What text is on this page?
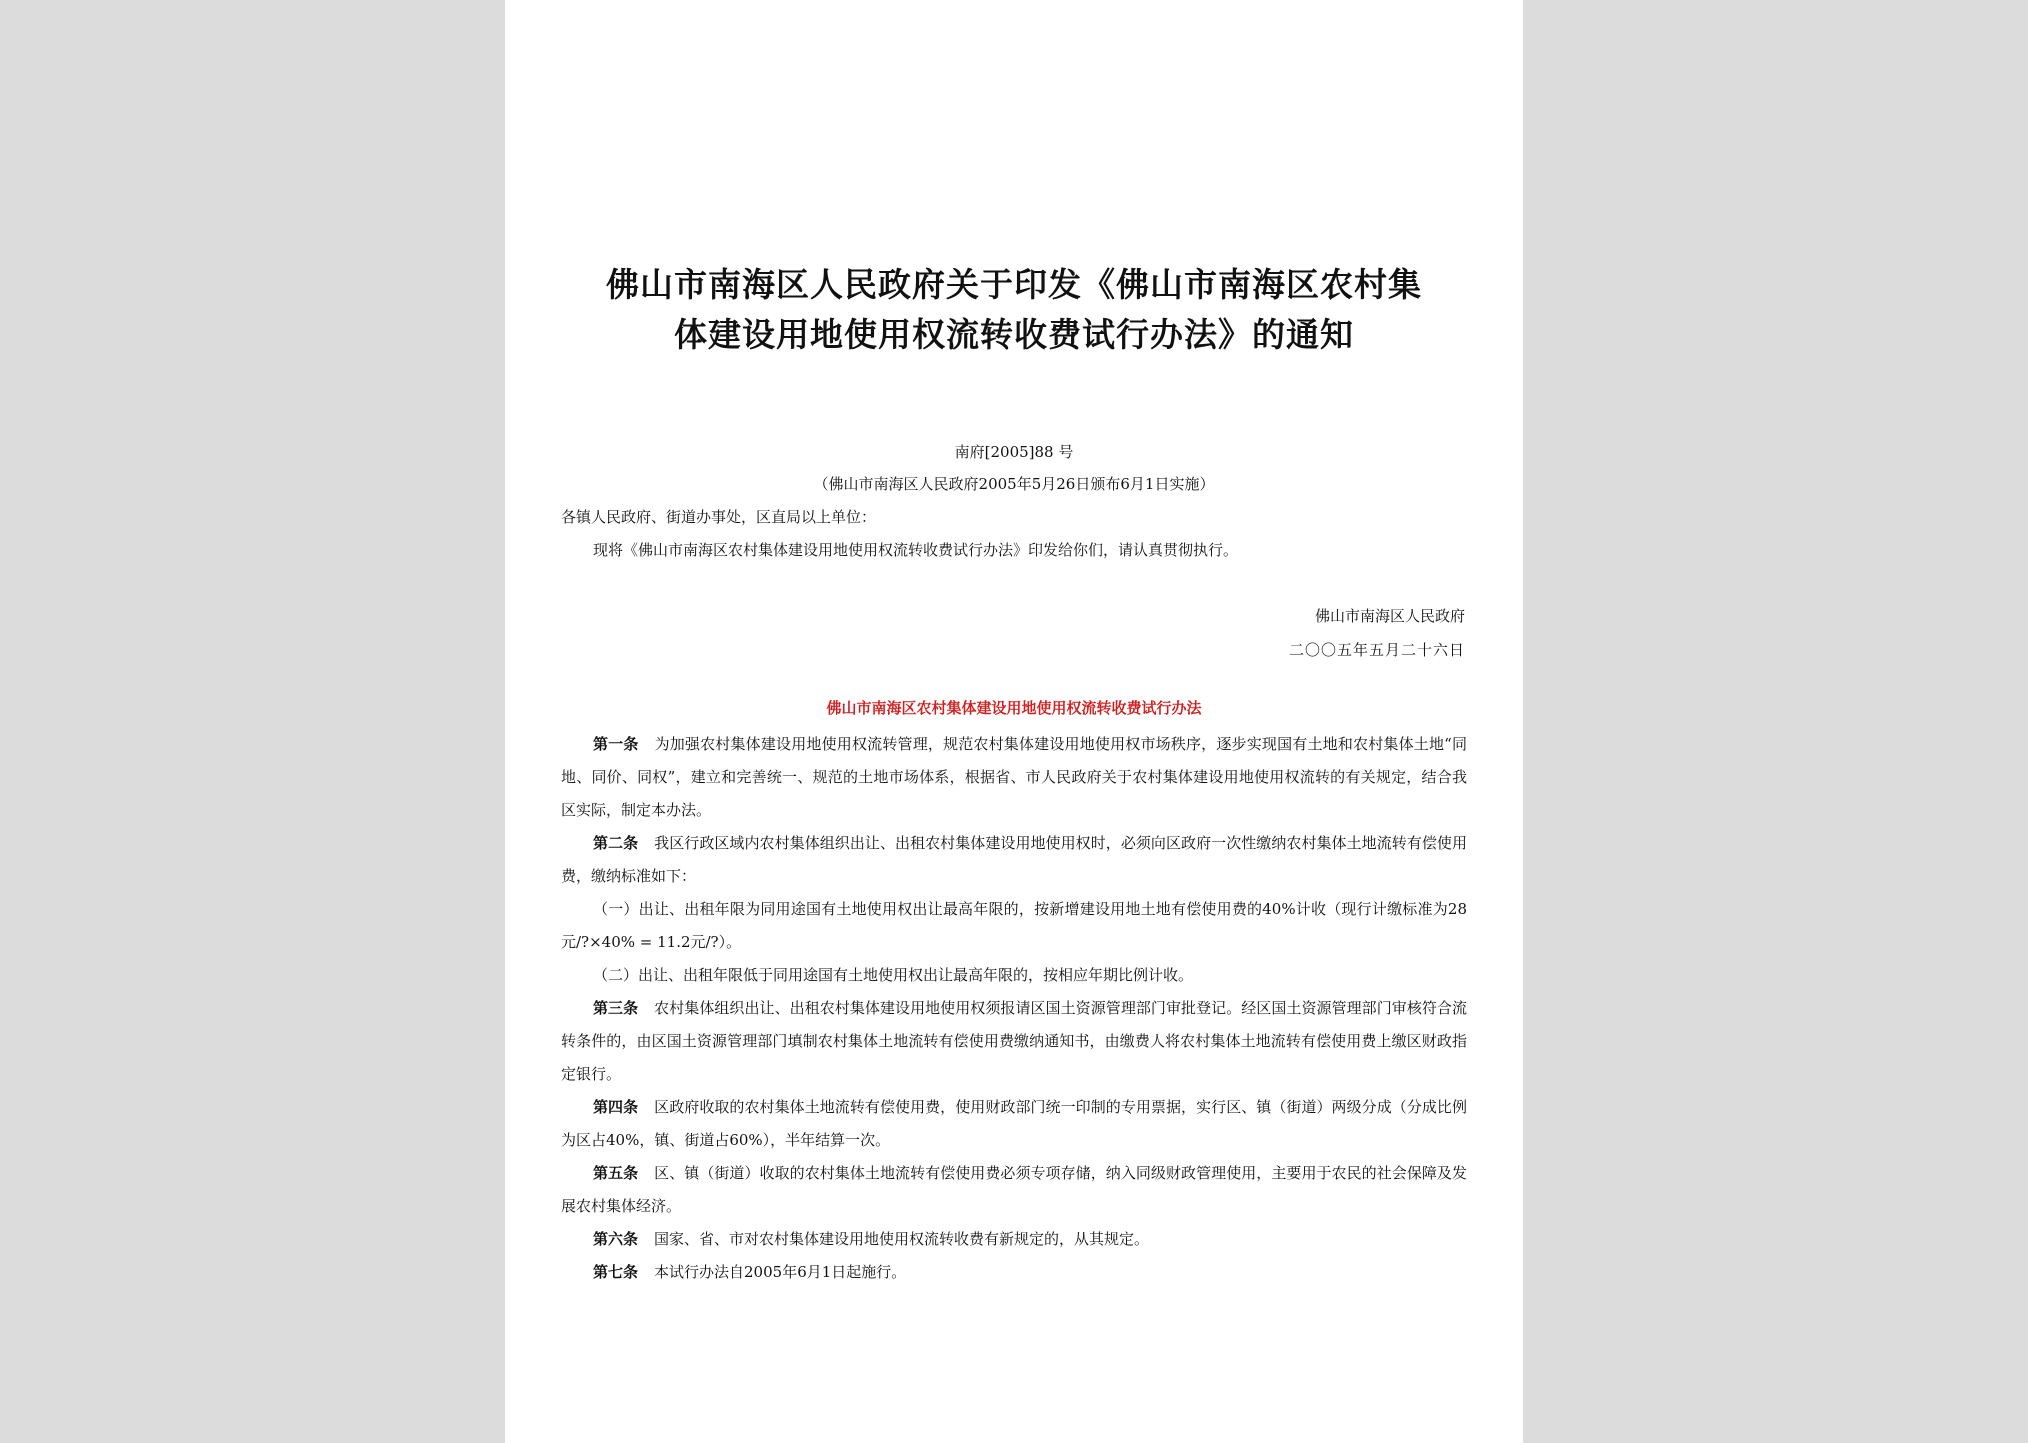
佛山市南海区人民政府关于印发《佛山市南海区农村集
体建设用地使用权流转收费试行办法》的通知
南府[2005]88 号
（佛山市南海区人民政府2005年5月26日颁布6月1日实施）
各镇人民政府、街道办事处，区直局以上单位：
现将《佛山市南海区农村集体建设用地使用权流转收费试行办法》印发给你们，请认真贯彻执行。
佛山市南海区人民政府
二〇〇五年五月二十六日
佛山市南海区农村集体建设用地使用权流转收费试行办法

第一条 为加强农村集体建设用地使用权流转管理，规范农村集体建设用地使用权市场秩序，逐步实现国有土地和农村集体土地“同地、同价、同权”，建立和完善统一、规范的土地市场体系，根据省、市人民政府关于农村集体建设用地使用权流转的有关规定，结合我区实际，制定本办法。

第二条 我区行政区域内农村集体组织出让、出租农村集体建设用地使用权时，必须向区政府一次性缴纳农村集体土地流转有偿使用费，缴纳标准如下：

（一）出让、出租年限为同用途国有土地使用权出让最高年限的，按新增建设用地土地有偿使用费的40%计收（现行计缴标准为28元/?×40% = 11.2元/?）。

（二）出让、出租年限低于同用途国有土地使用权出让最高年限的，按相应年期比例计收。

第三条 农村集体组织出让、出租农村集体建设用地使用权须报请区国土资源管理部门审批登记。经区国土资源管理部门审核符合流转条件的，由区国土资源管理部门填制农村集体土地流转有偿使用费缴纳通知书，由缴费人将农村集体土地流转有偿使用费上缴区财政指定银行。

第四条 区政府收取的农村集体土地流转有偿使用费，使用财政部门统一印制的专用票据，实行区、镇（街道）两级分成（分成比例为区占40%，镇、街道占60%），半年结算一次。

第五条 区、镇（街道）收取的农村集体土地流转有偿使用费必须专项存储，纳入同级财政管理使用，主要用于农民的社会保障及发展农村集体经济。

第六条 国家、省、市对农村集体建设用地使用权流转收费有新规定的，从其规定。

第七条 本试行办法自2005年6月1日起施行。
